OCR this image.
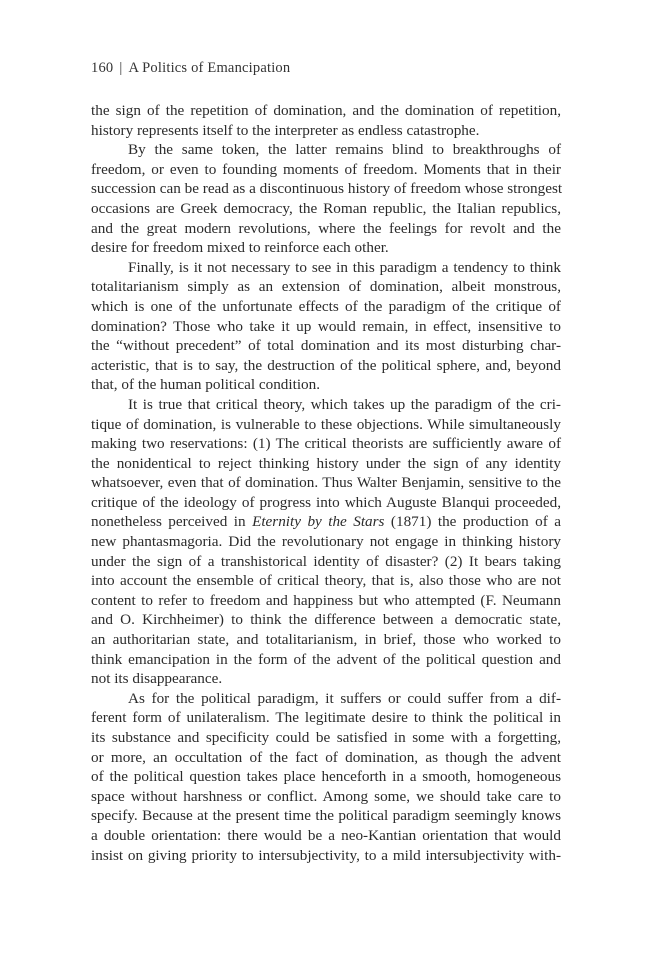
160 | A Politics of Emancipation
the sign of the repetition of domination, and the domination of repetition,
history represents itself to the interpreter as endless catastrophe.
By the same token, the latter remains blind to breakthroughs of
freedom, or even to founding moments of freedom. Moments that in their
succession can be read as a discontinuous history of freedom whose strongest
occasions are Greek democracy, the Roman republic, the Italian republics,
and the great modern revolutions, where the feelings for revolt and the
desire for freedom mixed to reinforce each other.
Finally, is it not necessary to see in this paradigm a tendency to think
totalitarianism simply as an extension of domination, albeit monstrous,
which is one of the unfortunate effects of the paradigm of the critique of
domination? Those who take it up would remain, in effect, insensitive to
the “without precedent” of total domination and its most disturbing char-
acteristic, that is to say, the destruction of the political sphere, and, beyond
that, of the human political condition.
It is true that critical theory, which takes up the paradigm of the cri-
tique of domination, is vulnerable to these objections. While simultaneously
making two reservations: (1) The critical theorists are sufficiently aware of
the nonidentical to reject thinking history under the sign of any identity
whatsoever, even that of domination. Thus Walter Benjamin, sensitive to the
critique of the ideology of progress into which Auguste Blanqui proceeded,
nonetheless perceived in Eternity by the Stars (1871) the production of a
new phantasmagoria. Did the revolutionary not engage in thinking history
under the sign of a transhistorical identity of disaster? (2) It bears taking
into account the ensemble of critical theory, that is, also those who are not
content to refer to freedom and happiness but who attempted (F. Neumann
and O. Kirchheimer) to think the difference between a democratic state,
an authoritarian state, and totalitarianism, in brief, those who worked to
think emancipation in the form of the advent of the political question and
not its disappearance.
As for the political paradigm, it suffers or could suffer from a dif-
ferent form of unilateralism. The legitimate desire to think the political in
its substance and specificity could be satisfied in some with a forgetting,
or more, an occultation of the fact of domination, as though the advent
of the political question takes place henceforth in a smooth, homogeneous
space without harshness or conflict. Among some, we should take care to
specify. Because at the present time the political paradigm seemingly knows
a double orientation: there would be a neo-Kantian orientation that would
insist on giving priority to intersubjectivity, to a mild intersubjectivity with-
